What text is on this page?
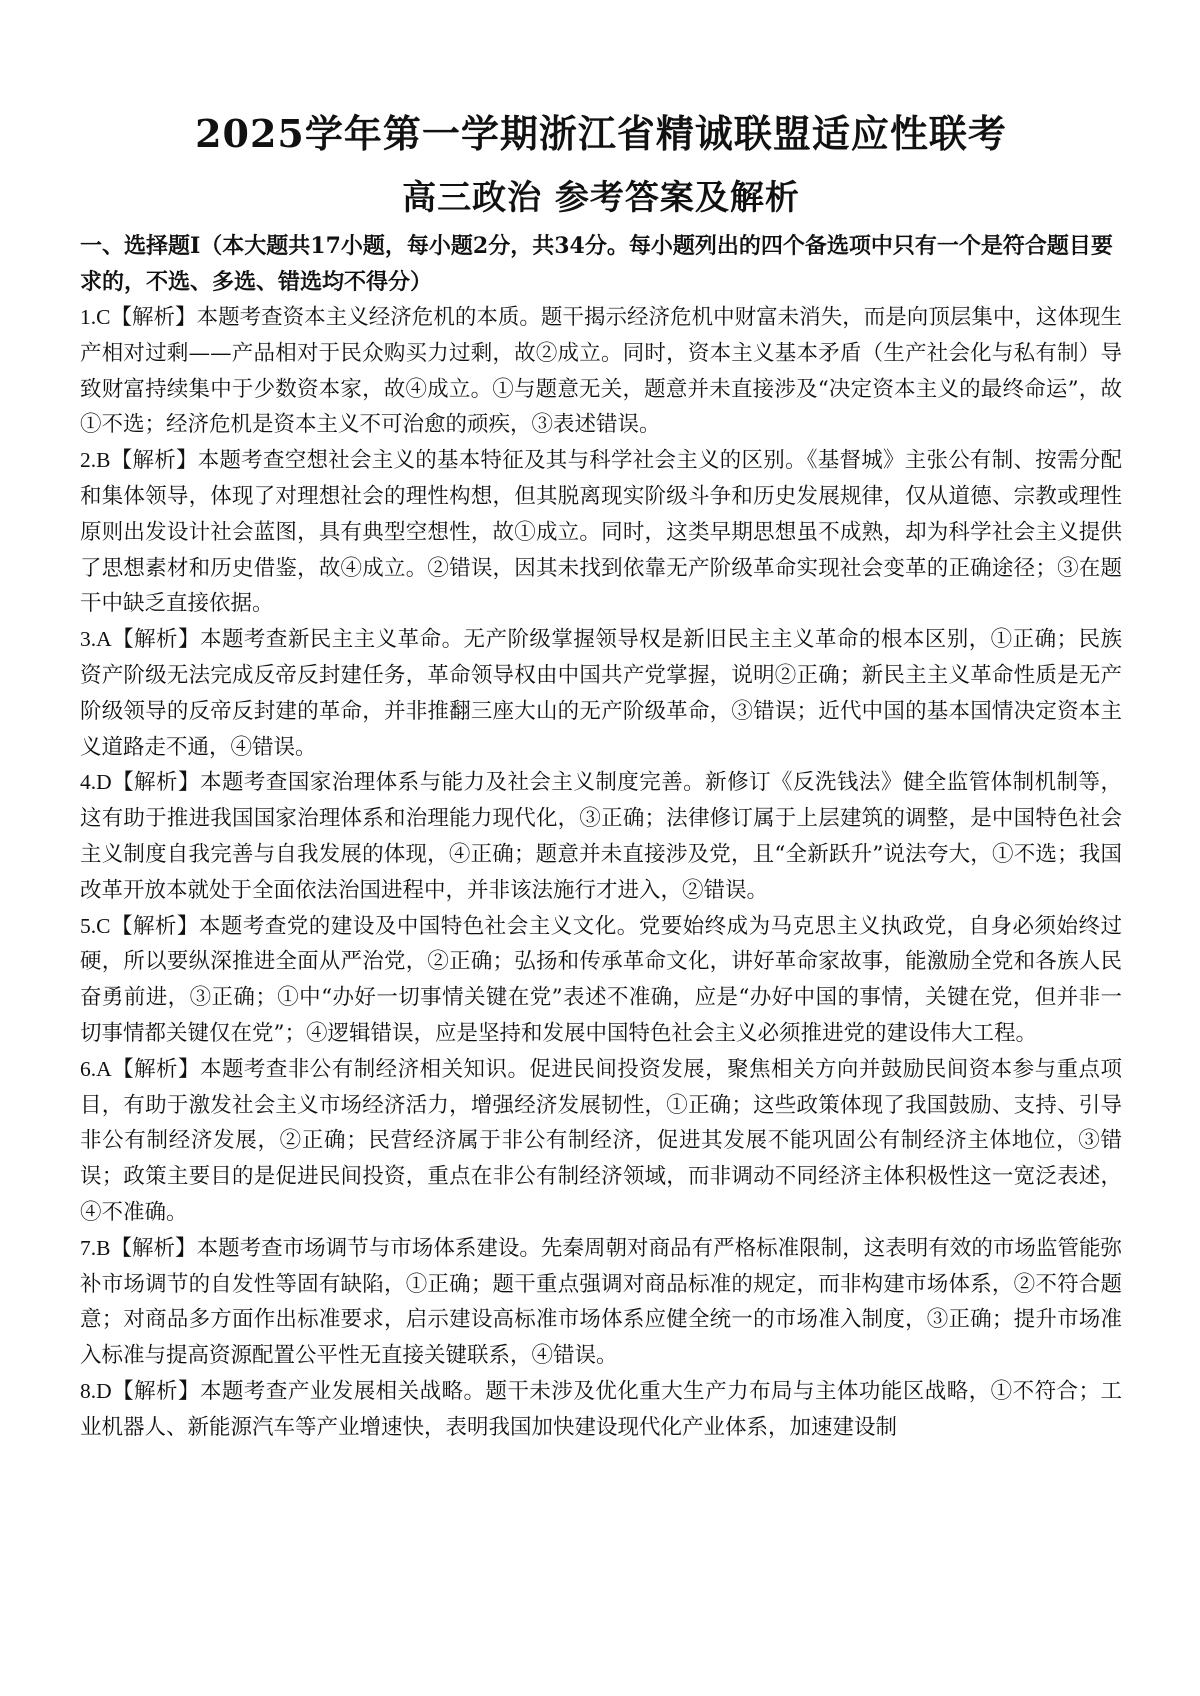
2025学年第一学期浙江省精诚联盟适应性联考
高三政治 参考答案及解析

一、选择题Ⅰ（本大题共17小题，每小题2分，共34分。每小题列出的四个备选项中只有一个是符合题目要求的，不选、多选、错选均不得分）

1.C【解析】本题考查资本主义经济危机的本质。题干揭示经济危机中财富未消失，而是向顶层集中，这体现生产相对过剩——产品相对于民众购买力过剩，故②成立。同时，资本主义基本矛盾（生产社会化与私有制）导致财富持续集中于少数资本家，故④成立。①与题意无关，题意并未直接涉及“决定资本主义的最终命运”，故①不选；经济危机是资本主义不可治愈的顽疾，③表述错误。

2.B【解析】本题考查空想社会主义的基本特征及其与科学社会主义的区别。《基督城》主张公有制、按需分配和集体领导，体现了对理想社会的理性构想，但其脱离现实阶级斗争和历史发展规律，仅从道德、宗教或理性原则出发设计社会蓝图，具有典型空想性，故①成立。同时，这类早期思想虽不成熟，却为科学社会主义提供了思想素材和历史借鉴，故④成立。②错误，因其未找到依靠无产阶级革命实现社会变革的正确途径；③在题干中缺乏直接依据。

3.A【解析】本题考查新民主主义革命。无产阶级掌握领导权是新旧民主主义革命的根本区别，①正确；民族资产阶级无法完成反帝反封建任务，革命领导权由中国共产党掌握，说明②正确；新民主主义革命性质是无产阶级领导的反帝反封建的革命，并非推翻三座大山的无产阶级革命，③错误；近代中国的基本国情决定资本主义道路走不通，④错误。

4.D【解析】本题考查国家治理体系与能力及社会主义制度完善。新修订《反洗钱法》健全监管体制机制等，这有助于推进我国国家治理体系和治理能力现代化，③正确；法律修订属于上层建筑的调整，是中国特色社会主义制度自我完善与自我发展的体现，④正确；题意并未直接涉及党，且“全新跃升”说法夸大，①不选；我国改革开放本就处于全面依法治国进程中，并非该法施行才进入，②错误。

5.C【解析】本题考查党的建设及中国特色社会主义文化。党要始终成为马克思主义执政党，自身必须始终过硬，所以要纵深推进全面从严治党，②正确；弘扬和传承革命文化，讲好革命家故事，能激励全党和各族人民奋勇前进，③正确；①中“办好一切事情关键在党”表述不准确，应是“办好中国的事情，关键在党，但并非一切事情都关键仅在党”；④逻辑错误，应是坚持和发展中国特色社会主义必须推进党的建设伟大工程。

6.A【解析】本题考查非公有制经济相关知识。促进民间投资发展，聚焦相关方向并鼓励民间资本参与重点项目，有助于激发社会主义市场经济活力，增强经济发展韧性，①正确；这些政策体现了我国鼓励、支持、引导非公有制经济发展，②正确；民营经济属于非公有制经济，促进其发展不能巩固公有制经济主体地位，③错误；政策主要目的是促进民间投资，重点在非公有制经济领域，而非调动不同经济主体积极性这一宽泛表述，④不准确。

7.B【解析】本题考查市场调节与市场体系建设。先秦周朝对商品有严格标准限制，这表明有效的市场监管能弥补市场调节的自发性等固有缺陷，①正确；题干重点强调对商品标准的规定，而非构建市场体系，②不符合题意；对商品多方面作出标准要求，启示建设高标准市场体系应健全统一的市场准入制度，③正确；提升市场准入标准与提高资源配置公平性无直接关键联系，④错误。

8.D【解析】本题考查产业发展相关战略。题干未涉及优化重大生产力布局与主体功能区战略，①不符合；工业机器人、新能源汽车等产业增速快，表明我国加快建设现代化产业体系，加速建设制
